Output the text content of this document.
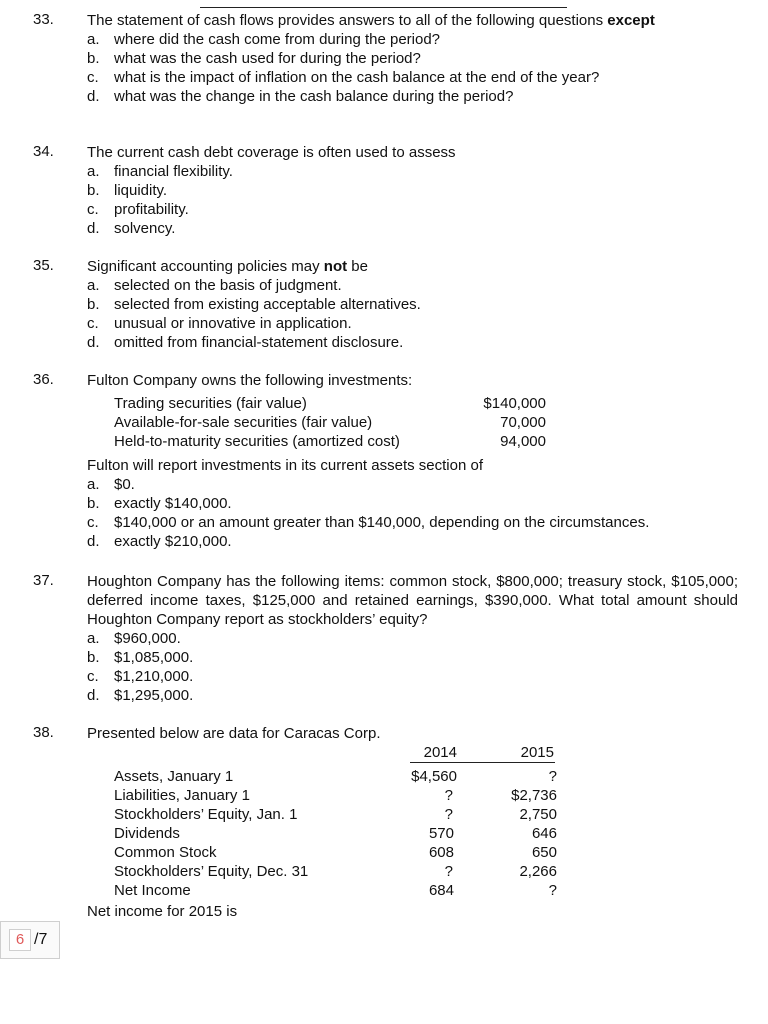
33. The statement of cash flows provides answers to all of the following questions except
a. where did the cash come from during the period?
b. what was the cash used for during the period?
c. what is the impact of inflation on the cash balance at the end of the year?
d. what was the change in the cash balance during the period?
34. The current cash debt coverage is often used to assess
a. financial flexibility.
b. liquidity.
c. profitability.
d. solvency.
35. Significant accounting policies may not be
a. selected on the basis of judgment.
b. selected from existing acceptable alternatives.
c. unusual or innovative in application.
d. omitted from financial-statement disclosure.
36. Fulton Company owns the following investments:
Trading securities (fair value)	$140,000
Available-for-sale securities (fair value)	70,000
Held-to-maturity securities (amortized cost)	94,000
Fulton will report investments in its current assets section of
a. $0.
b. exactly $140,000.
c. $140,000 or an amount greater than $140,000, depending on the circumstances.
d. exactly $210,000.
37. Houghton Company has the following items: common stock, $800,000; treasury stock, $105,000; deferred income taxes, $125,000 and retained earnings, $390,000. What total amount should Houghton Company report as stockholders’ equity?
a. $960,000.
b. $1,085,000.
c. $1,210,000.
d. $1,295,000.
38. Presented below are data for Caracas Corp.
2014	2015
Assets, January 1	$4,560	?
Liabilities, January 1	?	$2,736
Stockholders’ Equity, Jan. 1	?	2,750
Dividends	570	646
Common Stock	608	650
Stockholders’ Equity, Dec. 31	?	2,266
Net Income	684	?
Net income for 2015 is
6 /7
